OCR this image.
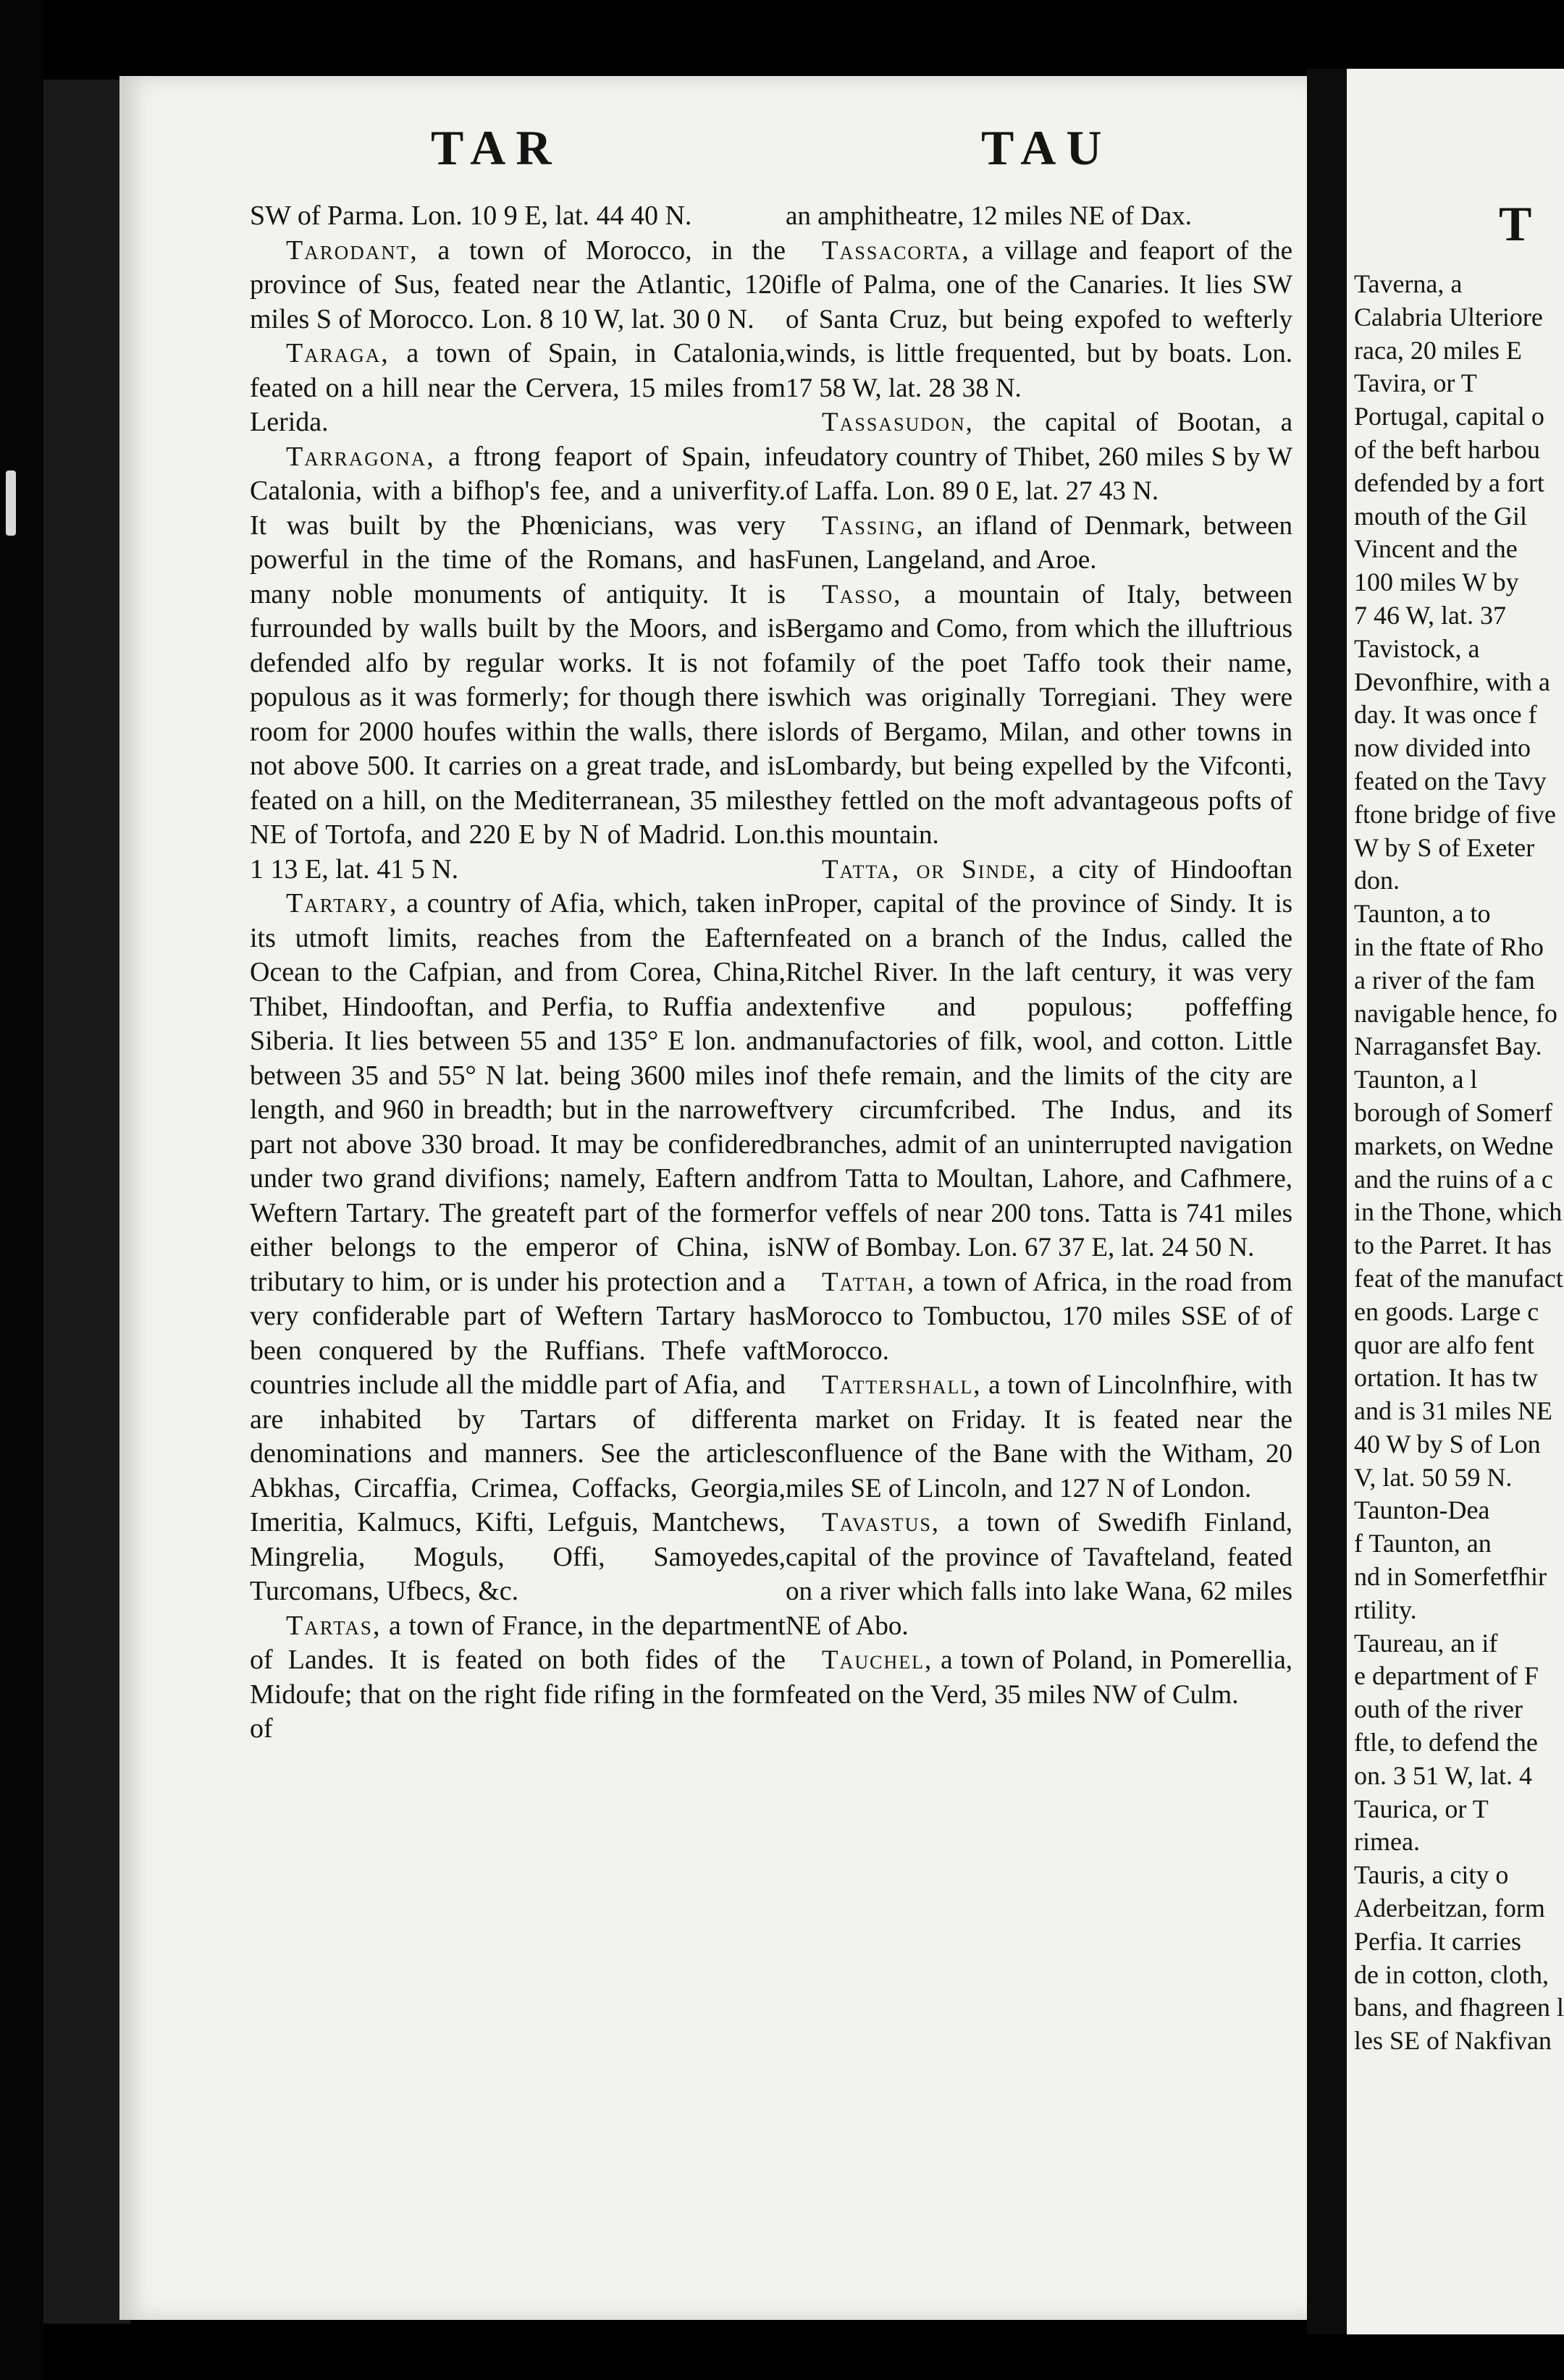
TAR	TAU

SW of Parma. Lon. 10 9 E, lat. 44 40 N.

Tarodant, a town of Morocco, in the province of Sus, feated near the Atlantic, 120 miles S of Morocco. Lon. 8 10 W, lat. 30 0 N.

Taraga, a town of Spain, in Catalonia, feated on a hill near the Cervera, 15 miles from Lerida.

Tarragona, a ftrong feaport of Spain, in Catalonia, with a bifhop's fee, and a univerfity. It was built by the Phœnicians, was very powerful in the time of the Romans, and has many noble monuments of antiquity. It is furrounded by walls built by the Moors, and is defended alfo by regular works. It is not fo populous as it was formerly; for though there is room for 2000 houfes within the walls, there is not above 500. It carries on a great trade, and is feated on a hill, on the Mediterranean, 35 miles NE of Tortofa, and 220 E by N of Madrid. Lon. 1 13 E, lat. 41 5 N.

Tartary, a country of Afia, which, taken in its utmoft limits, reaches from the Eaftern Ocean to the Cafpian, and from Corea, China, Thibet, Hindooftan, and Perfia, to Ruffia and Siberia. It lies between 55 and 135° E lon. and between 35 and 55° N lat. being 3600 miles in length, and 960 in breadth; but in the narroweft part not above 330 broad. It may be confidered under two grand divifions; namely, Eaftern and Weftern Tartary. The greateft part of the former either belongs to the emperor of China, is tributary to him, or is under his protection and a very confiderable part of Weftern Tartary has been conquered by the Ruffians. Thefe vaft countries include all the middle part of Afia, and are inhabited by Tartars of different denominations and manners. See the articles Abkhas, Circaffia, Crimea, Coffacks, Georgia, Imeritia, Kalmucs, Kifti, Lefguis, Mantchews, Mingrelia, Moguls, Offi, Samoyedes, Turcomans, Ufbecs, &c.

Tartas, a town of France, in the department of Landes. It is feated on both fides of the Midoufe; that on the right fide rifing in the form of

an amphitheatre, 12 miles NE of Dax.

Tassacorta, a village and feaport of the ifle of Palma, one of the Canaries. It lies SW of Santa Cruz, but being expofed to wefterly winds, is little frequented, but by boats. Lon. 17 58 W, lat. 28 38 N.

Tassasudon, the capital of Bootan, a feudatory country of Thibet, 260 miles S by W of Laffa. Lon. 89 0 E, lat. 27 43 N.

Tassing, an ifland of Denmark, between Funen, Langeland, and Aroe.

Tasso, a mountain of Italy, between Bergamo and Como, from which the illuftrious family of the poet Taffo took their name, which was originally Torregiani. They were lords of Bergamo, Milan, and other towns in Lombardy, but being expelled by the Vifconti, they fettled on the moft advantageous pofts of this mountain.

Tatta, or Sinde, a city of Hindooftan Proper, capital of the province of Sindy. It is feated on a branch of the Indus, called the Ritchel River. In the laft century, it was very extenfive and populous; poffeffing manufactories of filk, wool, and cotton. Little of thefe remain, and the limits of the city are very circumfcribed. The Indus, and its branches, admit of an uninterrupted navigation from Tatta to Moultan, Lahore, and Cafhmere, for veffels of near 200 tons. Tatta is 741 miles NW of Bombay. Lon. 67 37 E, lat. 24 50 N.

Tattah, a town of Africa, in the road from Morocco to Tombuctou, 170 miles SSE of of Morocco.

Tattershall, a town of Lincolnfhire, with a market on Friday. It is feated near the confluence of the Bane with the Witham, 20 miles SE of Lincoln, and 127 N of London.

Tavastus, a town of Swedifh Finland, capital of the province of Tavafteland, feated on a river which falls into lake Wana, 62 miles NE of Abo.

Tauchel, a town of Poland, in Pomerellia, feated on the Verd, 35 miles NW of Culm.

T
Taverna, a
Calabria Ulteriore
raca, 20 miles E
Tavira, or T
Portugal, capital o
of the beft harbou
defended by a fort
mouth of the Gil
Vincent and the
100 miles W by
7 46 W, lat. 37
Tavistock, a
Devonfhire, with a
day. It was once f
now divided into
feated on the Tavy
ftone bridge of five
W by S of Exeter
don.
Taunton, a to
in the ftate of Rho
a river of the fam
navigable hence, fo
Narragansfet Bay.
Taunton, a l
borough of Somerf
markets, on Wedne
and the ruins of a c
in the Thone, which
to the Parret. It has
feat of the manufact
en goods. Large c
quor are alfo fent
ortation. It has tw
and is 31 miles NE
40 W by S of Lon
V, lat. 50 59 N.
Taunton-Dea
f Taunton, an
nd in Somerfetfhir
rtility.
Taureau, an if
e department of F
outh of the river
ftle, to defend the
on. 3 51 W, lat. 4
Taurica, or T
rimea.
Tauris, a city o
Aderbeitzan, form
Perfia. It carries
de in cotton, cloth,
bans, and fhagreen l
les SE of Nakfivan
